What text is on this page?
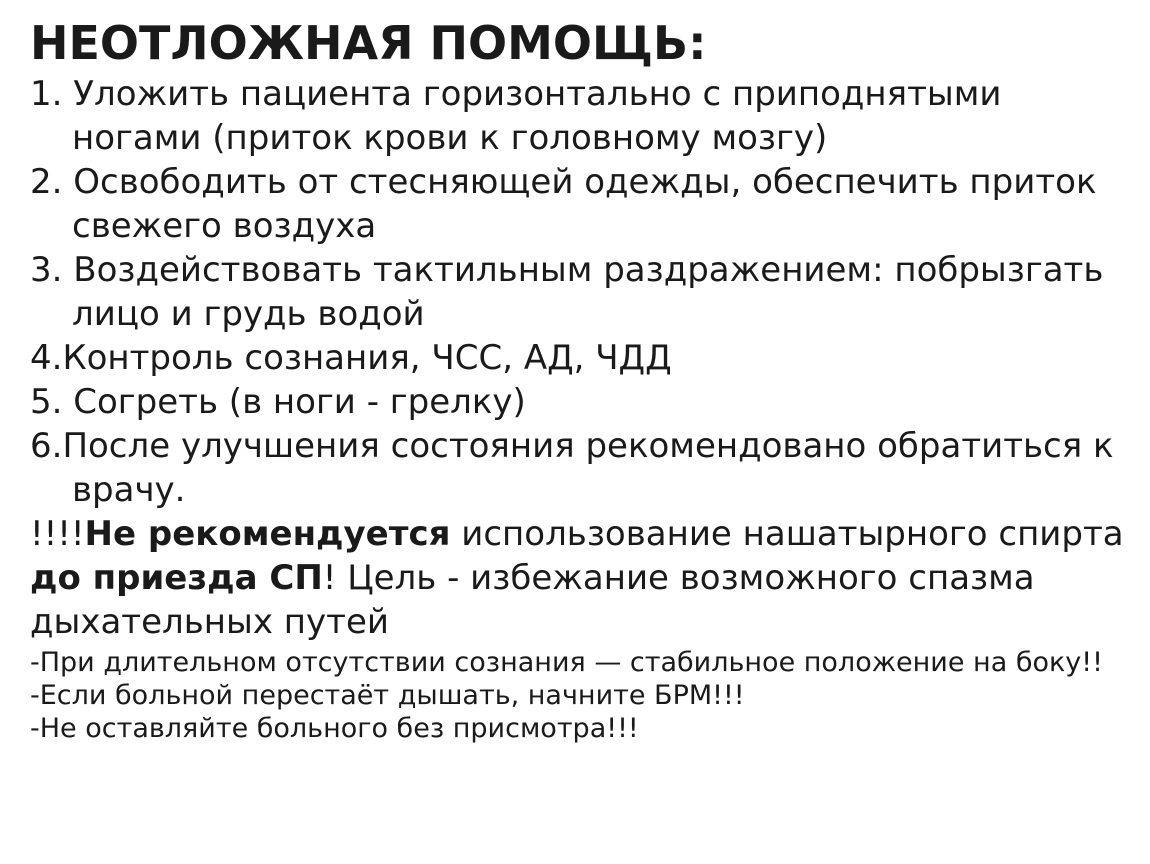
НЕОТЛОЖНАЯ ПОМОЩЬ:
1. Уложить пациента горизонтально с приподнятыми ногами (приток крови к головному мозгу)
2. Освободить от стесняющей одежды, обеспечить приток свежего воздуха
3. Воздействовать тактильным раздражением: побрызгать лицо и грудь водой
4.Контроль сознания, ЧСС, АД, ЧДД
5. Согреть (в ноги - грелку)
6.После улучшения состояния рекомендовано обратиться к врачу.

!!!!Не рекомендуется использование нашатырного спирта до приезда СП! Цель - избежание возможного спазма дыхательных путей

-При длительном отсутствии сознания — стабильное положение на боку!!
-Если больной перестаёт дышать, начните БРМ!!!
-Не оставляйте больного без присмотра!!!
